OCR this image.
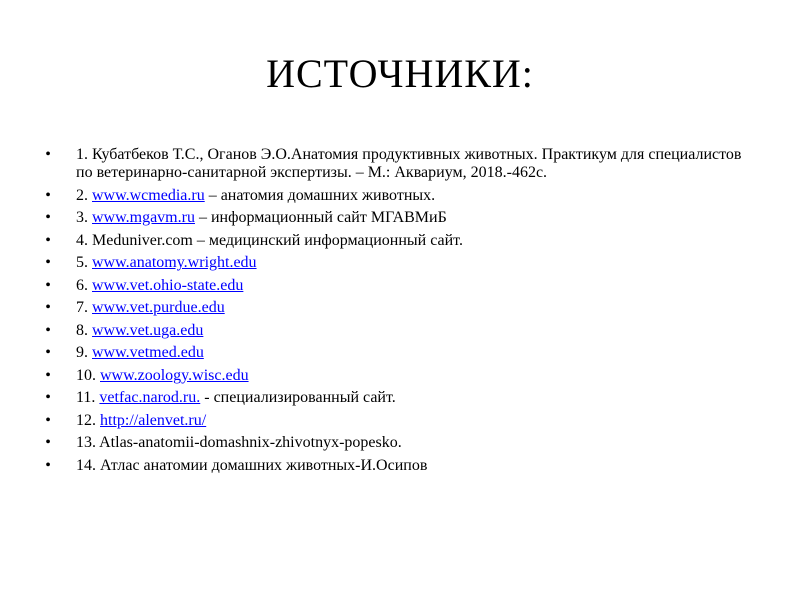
ИСТОЧНИКИ:
• 1. Кубатбеков Т.С., Оганов Э.О.Анатомия продуктивных животных. Практикум для специалистов по ветеринарно-санитарной экспертизы. – М.: Аквариум, 2018.-462с.
• 2. www.wcmedia.ru – анатомия домашних животных.
• 3. www.mgavm.ru – информационный сайт МГАВМиБ
• 4. Meduniver.com – медицинский информационный сайт.
• 5. www.anatomy.wright.edu
• 6. www.vet.ohio-state.edu
• 7. www.vet.purdue.edu
• 8. www.vet.uga.edu
• 9. www.vetmed.edu
• 10. www.zoology.wisc.edu
• 11. vetfac.narod.ru. - специализированный сайт.
• 12. http://alenvet.ru/
• 13. Atlas-anatomii-domashnix-zhivotnyx-popesko.
• 14. Атлас анатомии домашних животных-И.Осипов
